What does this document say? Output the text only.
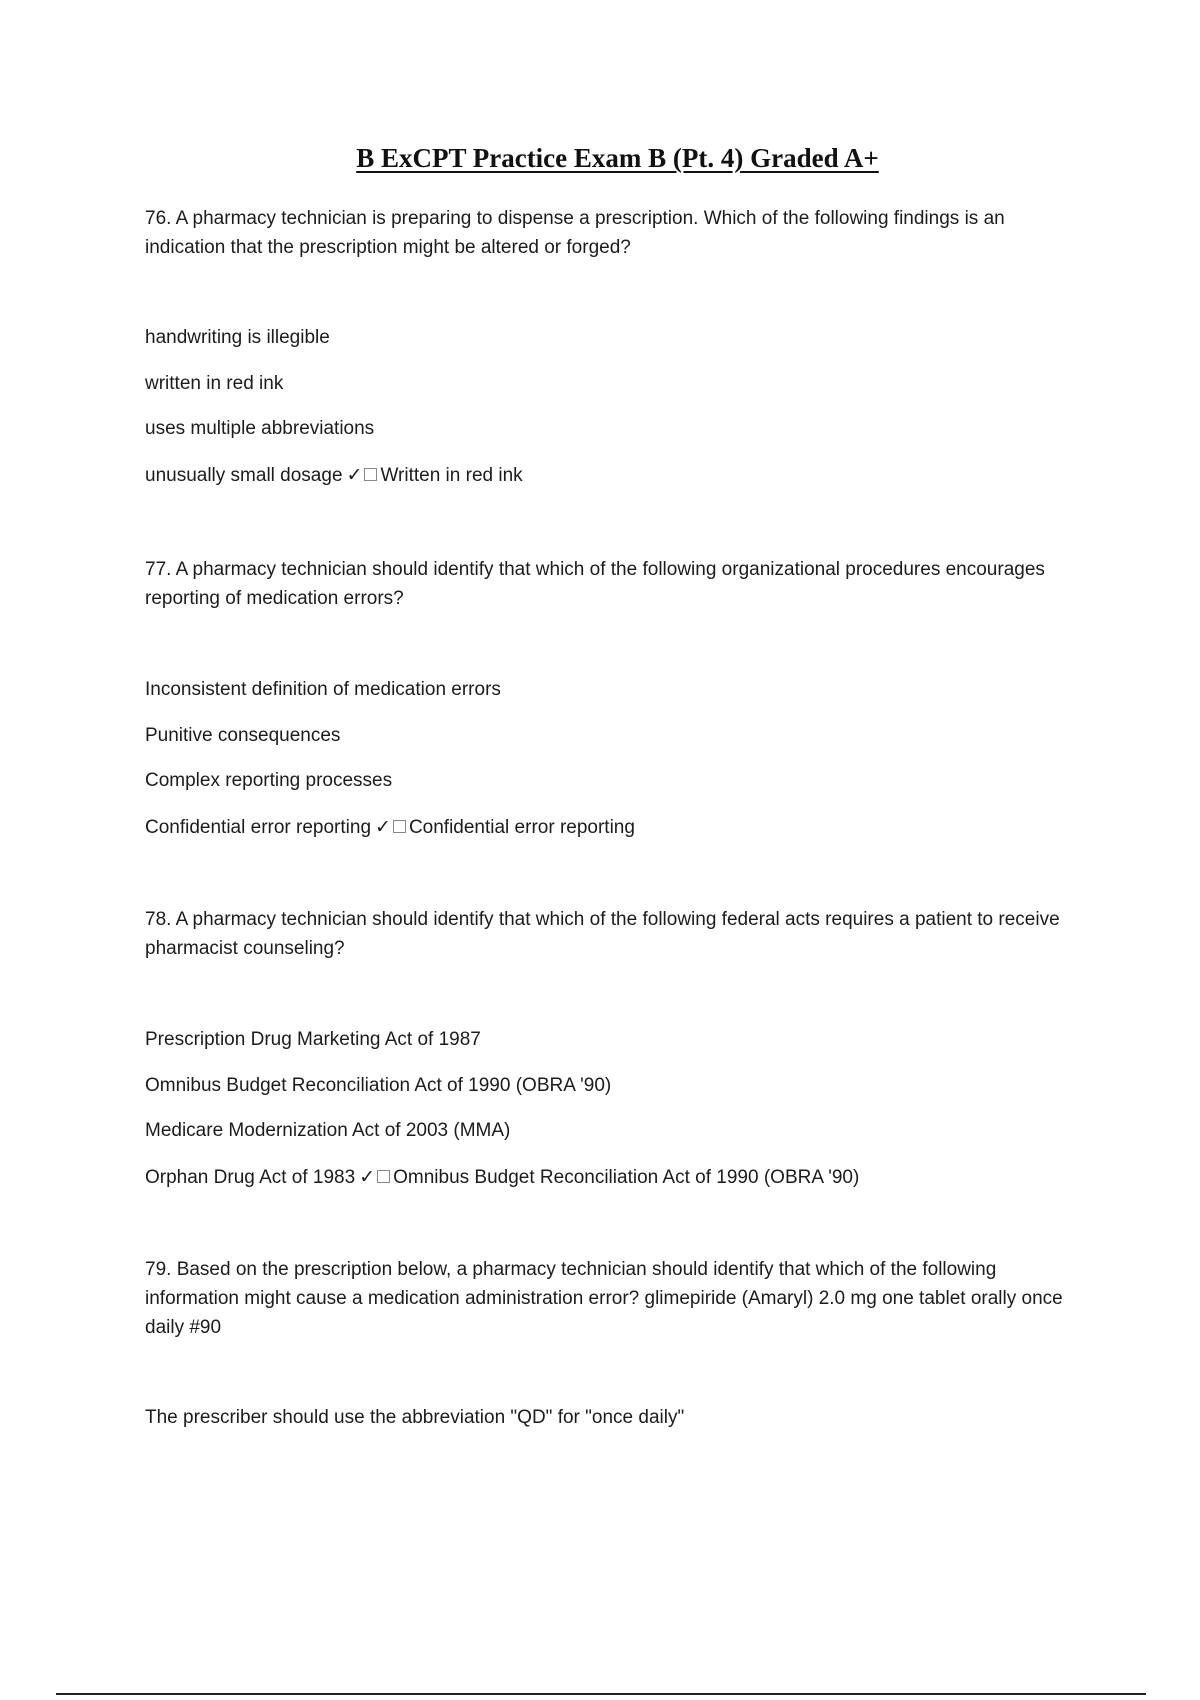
B ExCPT Practice Exam B (Pt. 4) Graded A+
76. A pharmacy technician is preparing to dispense a prescription. Which of the following findings is an indication that the prescription might be altered or forged?
handwriting is illegible
written in red ink
uses multiple abbreviations
unusually small dosage ✓ Written in red ink
77. A pharmacy technician should identify that which of the following organizational procedures encourages reporting of medication errors?
Inconsistent definition of medication errors
Punitive consequences
Complex reporting processes
Confidential error reporting ✓ Confidential error reporting
78. A pharmacy technician should identify that which of the following federal acts requires a patient to receive pharmacist counseling?
Prescription Drug Marketing Act of 1987
Omnibus Budget Reconciliation Act of 1990 (OBRA '90)
Medicare Modernization Act of 2003 (MMA)
Orphan Drug Act of 1983 ✓ Omnibus Budget Reconciliation Act of 1990 (OBRA '90)
79. Based on the prescription below, a pharmacy technician should identify that which of the following information might cause a medication administration error? glimepiride (Amaryl) 2.0 mg one tablet orally once daily #90
The prescriber should use the abbreviation "QD" for "once daily"
